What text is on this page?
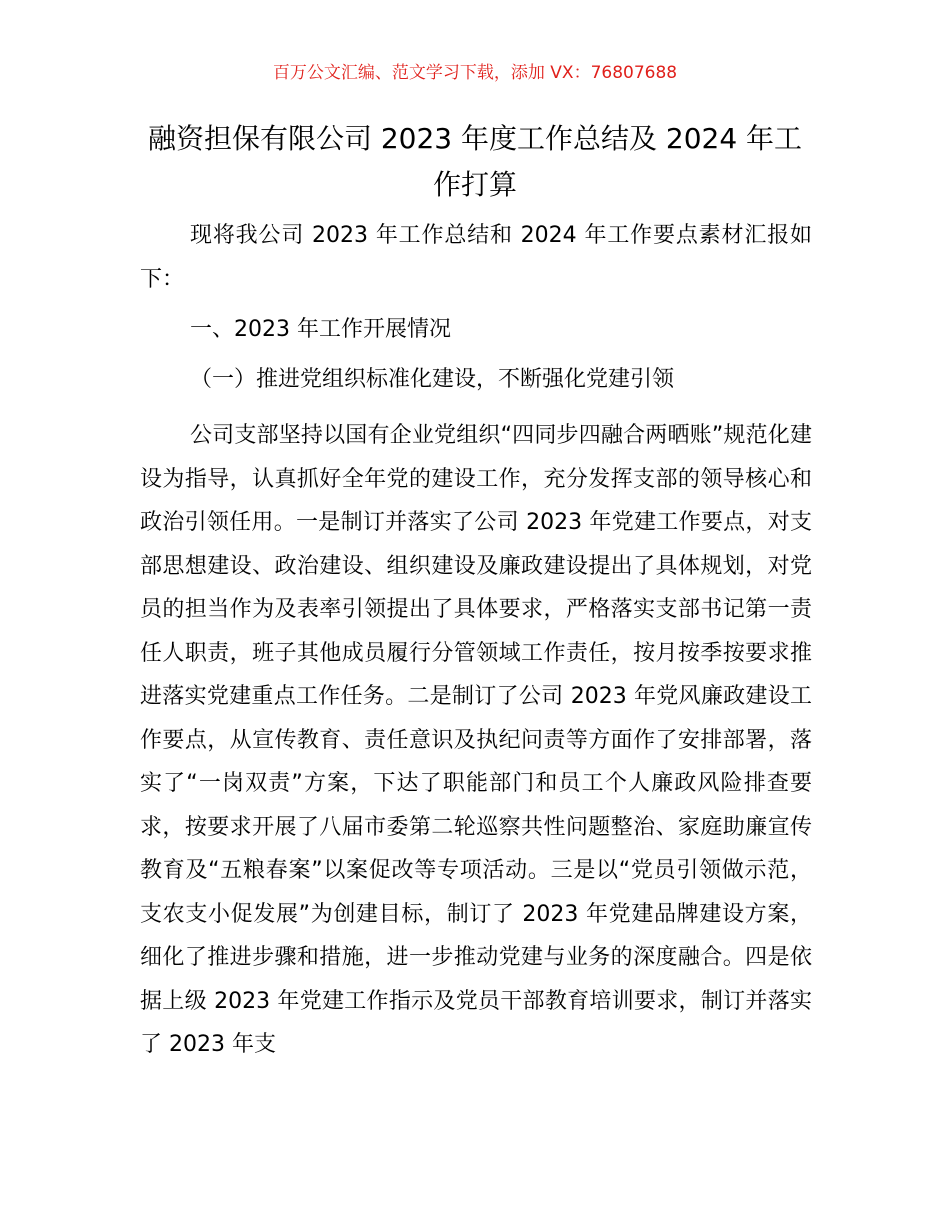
百万公文汇编、范文学习下载，添加 VX：76807688
融资担保有限公司 2023 年度工作总结及 2024 年工作打算
现将我公司 2023 年工作总结和 2024 年工作要点素材汇报如下：
一、2023 年工作开展情况
（一）推进党组织标准化建设，不断强化党建引领
公司支部坚持以国有企业党组织“四同步四融合两晒账”规范化建设为指导，认真抓好全年党的建设工作，充分发挥支部的领导核心和政治引领任用。一是制订并落实了公司 2023 年党建工作要点，对支部思想建设、政治建设、组织建设及廉政建设提出了具体规划，对党员的担当作为及表率引领提出了具体要求，严格落实支部书记第一责任人职责，班子其他成员履行分管领域工作责任，按月按季按要求推进落实党建重点工作任务。二是制订了公司 2023 年党风廉政建设工作要点，从宣传教育、责任意识及执纪问责等方面作了安排部署，落实了“一岗双责”方案，下达了职能部门和员工个人廉政风险排查要求，按要求开展了八届市委第二轮巡察共性问题整治、家庭助廉宣传教育及“五粮春案”以案促改等专项活动。三是以“党员引领做示范，支农支小促发展”为创建目标，制订了 2023 年党建品牌建设方案，细化了推进步骤和措施，进一步推动党建与业务的深度融合。四是依据上级 2023 年党建工作指示及党员干部教育培训要求，制订并落实了 2023 年支
